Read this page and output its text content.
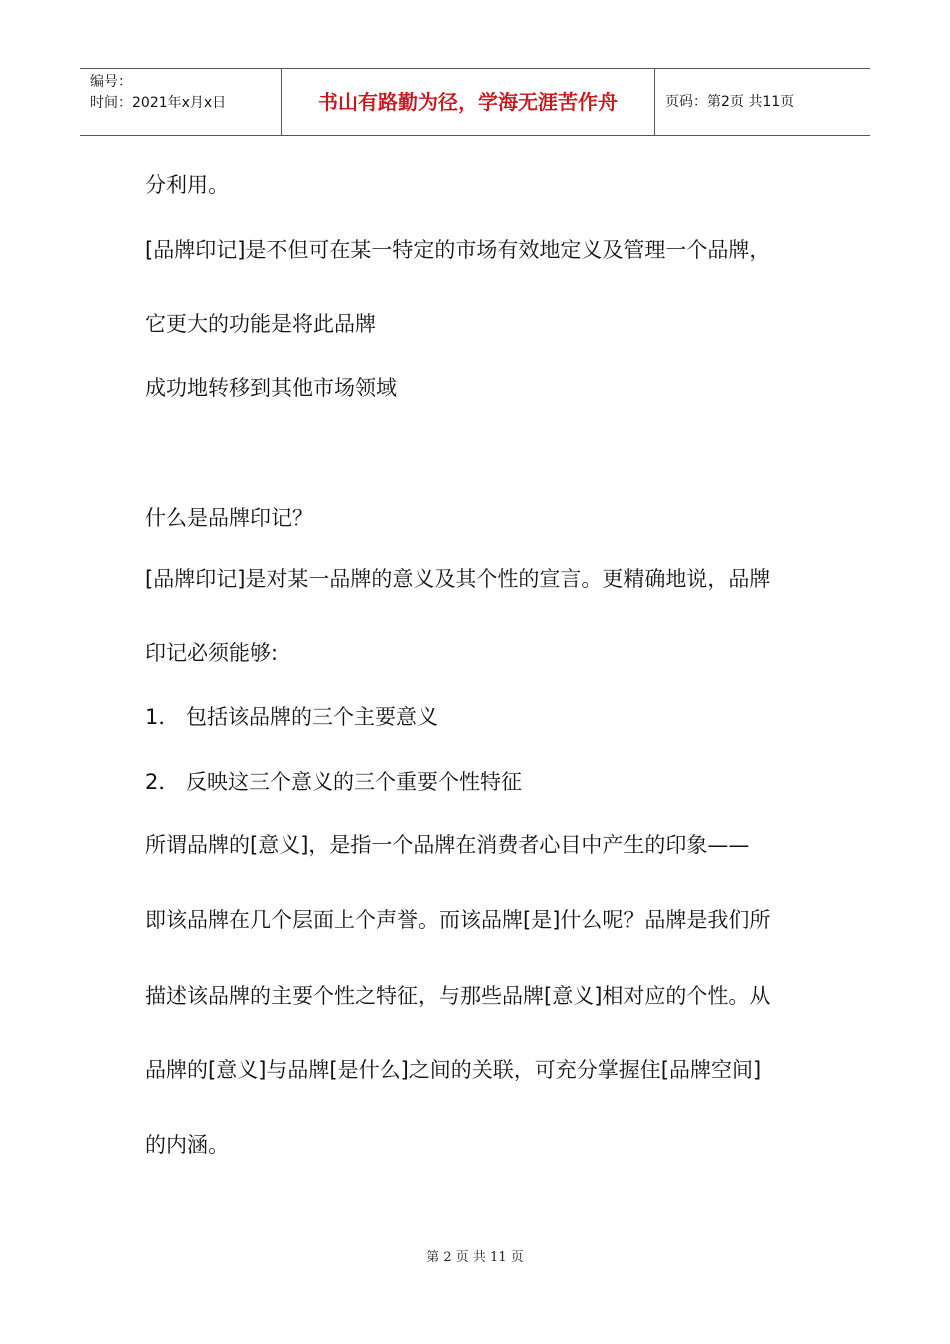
编号：
时间：2021年x月x日	书山有路勤为径，学海无涯苦作舟	页码：第2页 共11页
分利用。
[品牌印记]是不但可在某一特定的市场有效地定义及管理一个品牌，
它更大的功能是将此品牌
成功地转移到其他市场领域
什么是品牌印记？
[品牌印记]是对某一品牌的意义及其个性的宣言。更精确地说，品牌
印记必须能够:
1． 包括该品牌的三个主要意义
2． 反映这三个意义的三个重要个性特征
所谓品牌的[意义]，是指一个品牌在消费者心目中产生的印象——
即该品牌在几个层面上个声誉。而该品牌[是]什么呢？品牌是我们所
描述该品牌的主要个性之特征，与那些品牌[意义]相对应的个性。从
品牌的[意义]与品牌[是什么]之间的关联，可充分掌握住[品牌空间]
的内涵。
第 2 页 共 11 页
